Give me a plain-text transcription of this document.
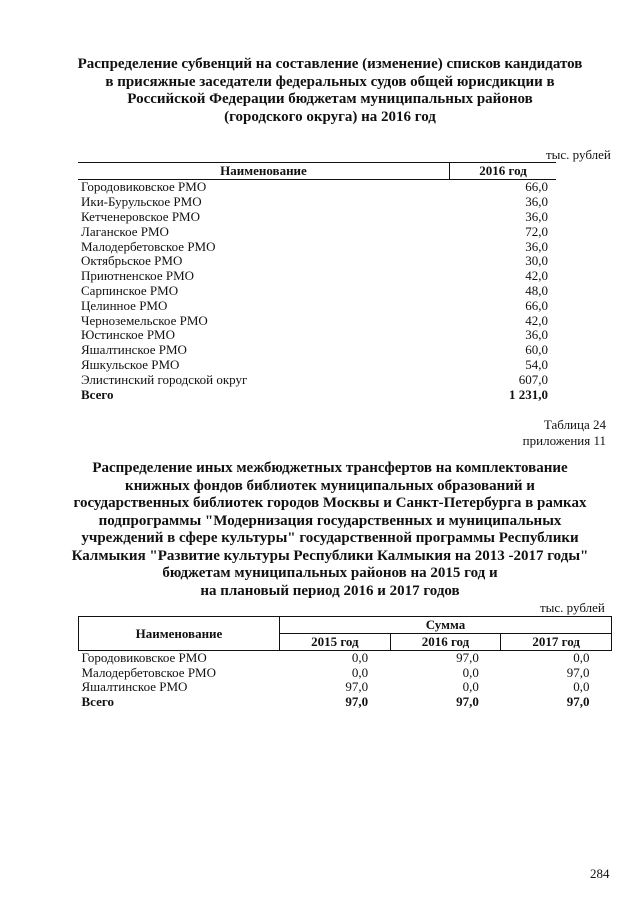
Распределение субвенций на составление (изменение) списков кандидатов
в присяжные заседатели федеральных судов общей юрисдикции в
Российской Федерации бюджетам муниципальных районов
(городского округа) на 2016 год
тыс. рублей
Наименование	2016 год
Городовиковское РМО	66,0
Ики-Бурульское РМО	36,0
Кетченеровское РМО	36,0
Лаганское РМО	72,0
Малодербетовское РМО	36,0
Октябрьское РМО	30,0
Приютненское РМО	42,0
Сарпинское РМО	48,0
Целинное РМО	66,0
Черноземельское РМО	42,0
Юстинское РМО	36,0
Яшалтинское РМО	60,0
Яшкульское РМО	54,0
Элистинский городской округ	607,0
Всего	1 231,0
Таблица 24
приложения 11
Распределение иных межбюджетных трансфертов на комплектование
книжных фондов библиотек муниципальных образований и
государственных библиотек городов Москвы и Санкт-Петербурга в рамках
подпрограммы "Модернизация государственных и муниципальных
учреждений в сфере культуры" государственной программы Республики
Калмыкия "Развитие культуры Республики Калмыкия на 2013 -2017 годы"
бюджетам муниципальных районов на 2015 год и
на плановый период 2016 и 2017 годов
тыс. рублей
Наименование	Сумма		
	2015 год	2016 год	2017 год
Городовиковское РМО	0,0	97,0	0,0
Малодербетовское РМО	0,0	0,0	97,0
Яшалтинское РМО	97,0	0,0	0,0
Всего	97,0	97,0	97,0
284
